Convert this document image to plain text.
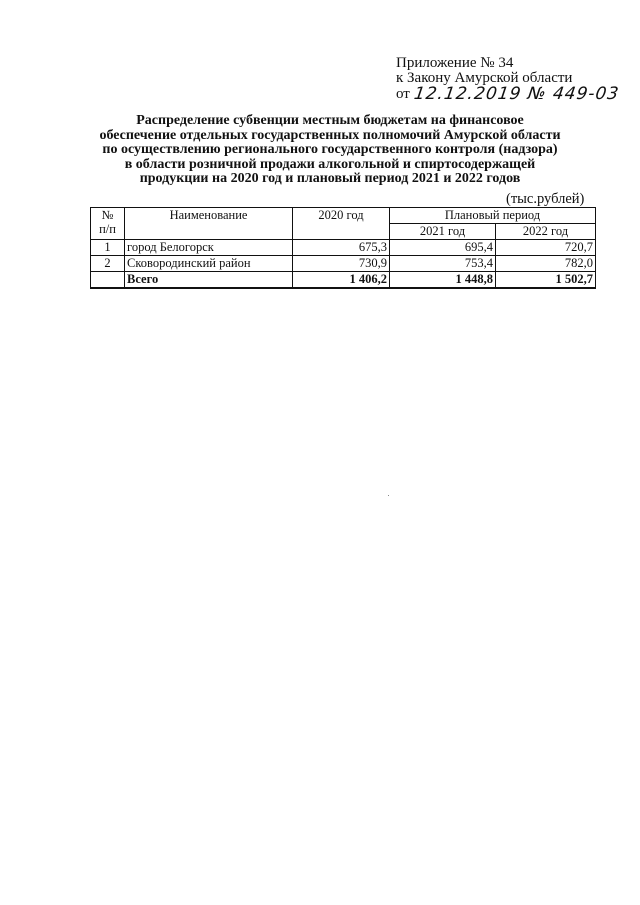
Приложение № 34
к Закону Амурской области
от 12.12.2019 № 449-03
Распределение субвенции местным бюджетам на финансовое
обеспечение отдельных государственных полномочий Амурской области
по осуществлению регионального государственного контроля (надзора)
в области розничной продажи алкогольной и спиртосодержащей
продукции на 2020 год и плановый период 2021 и 2022 годов
(тыс.рублей)
№
п/п	Наименование	2020 год	Плановый период	
			2021 год	2022 год
1	город Белогорск	675,3	695,4	720,7
2	Сковородинский район	730,9	753,4	782,0
	Всего	1 406,2	1 448,8	1 502,7
